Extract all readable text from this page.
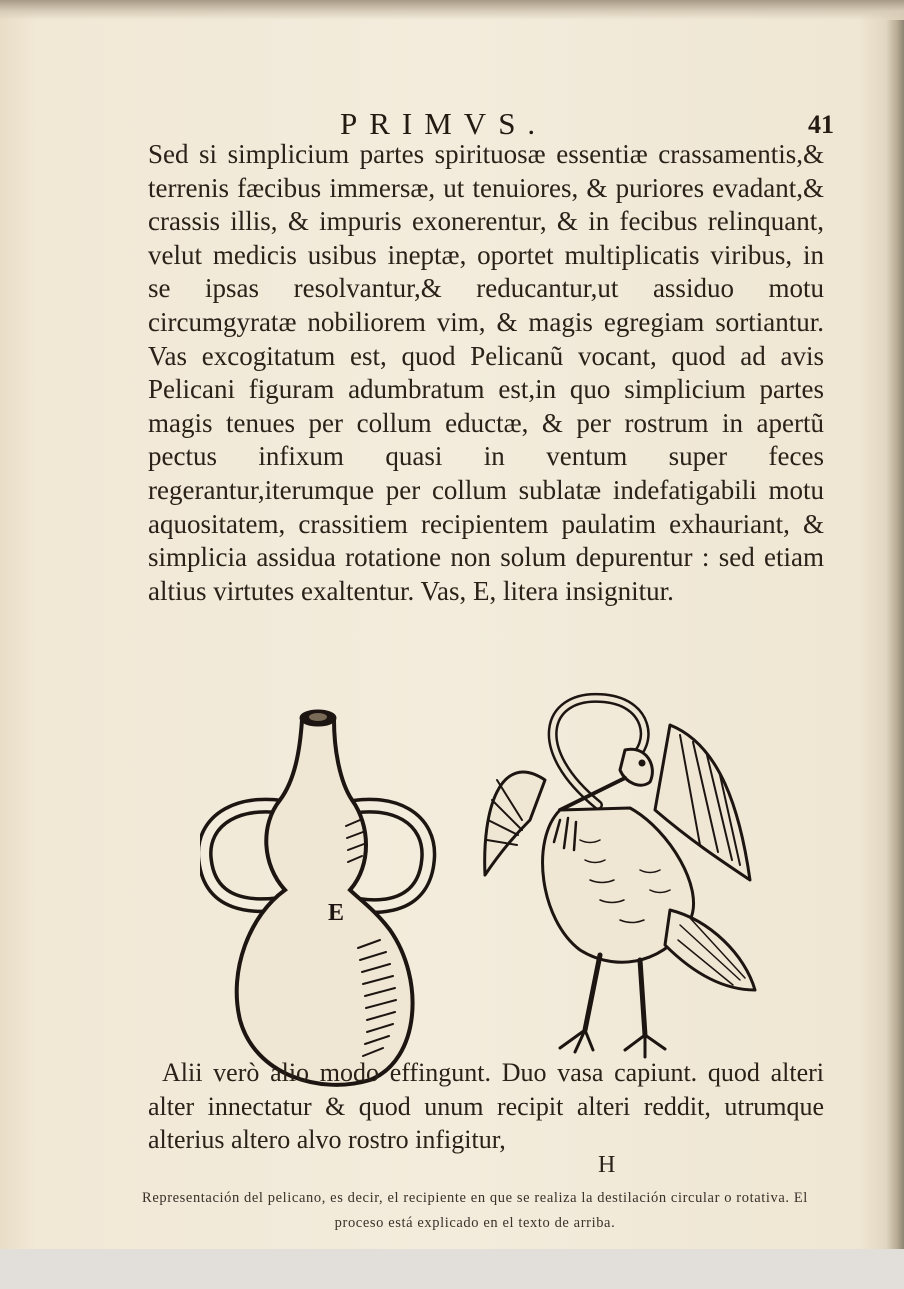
PRIMVS.	41

Sed si simplicium partes spirituosæ essentiæ crassamentis,& terrenis fæcibus immersæ, ut tenuiores, & puriores evadant,& crassis illis, & impuris exonerentur, & in fecibus relinquant, velut medicis usibus ineptæ, oportet multiplicatis viribus, in se ipsas resolvantur,& reducantur,ut assiduo motu circumgyratæ nobiliorem vim, & magis egregiam sortiantur. Vas excogitatum est, quod Pelicanũ vocant, quod ad avis Pelicani figuram adumbratum est,in quo simplicium partes magis tenues per collum eductæ, & per rostrum in apertũ pectus infixum quasi in ventum super feces regerantur,iterumque per collum sublatæ indefatigabili motu aquositatem, crassitiem recipientem paulatim exhauriant, & simplicia assidua rotatione non solum depurentur : sed etiam altius virtutes exaltentur. Vas, E, litera insignitur.

E

Alii verò alio modo effingunt. Duo vasa capiunt. quod alteri alter innectatur & quod unum recipit alteri reddit, utrumque alterius altero alvo rostro infigitur,

H

Representación del pelicano, es decir, el recipiente en que se realiza la destilación circular o rotativa. El proceso está explicado en el texto de arriba.
